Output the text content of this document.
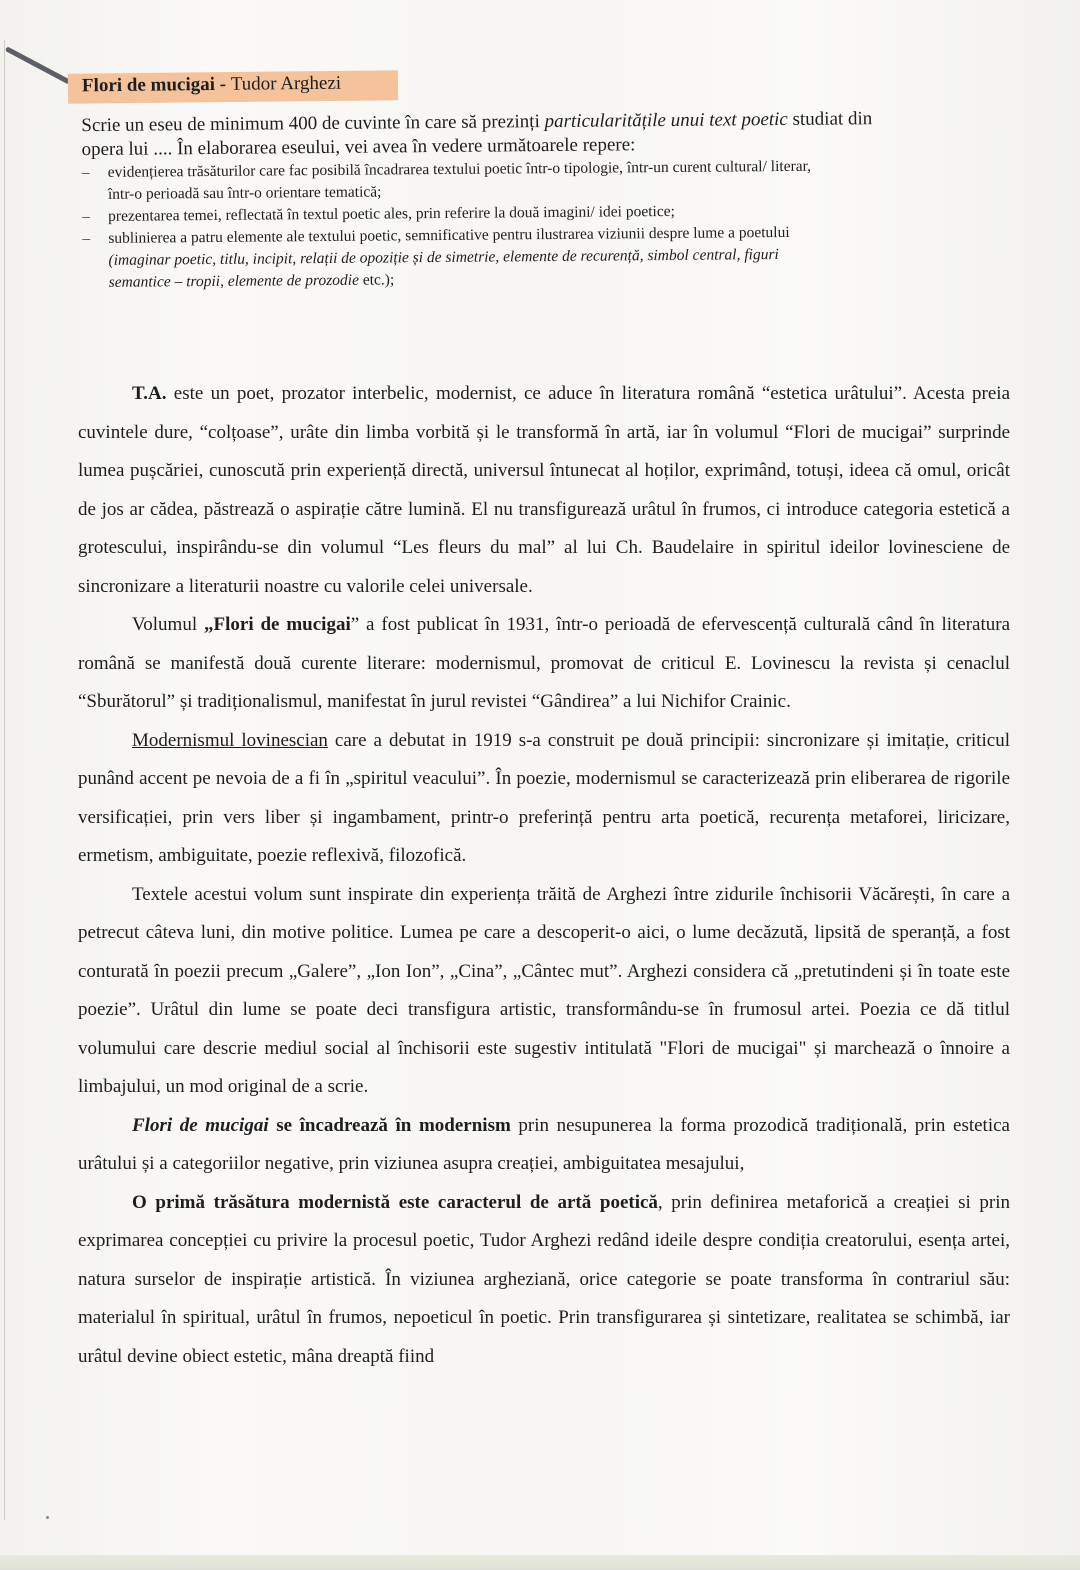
Flori de mucigai - Tudor Arghezi
Scrie un eseu de minimum 400 de cuvinte în care să prezinți particularitățile unui text poetic studiat din
opera lui .... În elaborarea eseului, vei avea în vedere următoarele repere:
– evidențierea trăsăturilor care fac posibilă încadrarea textului poetic într-o tipologie, într-un curent cultural/ literar,
într-o perioadă sau într-o orientare tematică;
– prezentarea temei, reflectată în textul poetic ales, prin referire la două imagini/ idei poetice;
– sublinierea a patru elemente ale textului poetic, semnificative pentru ilustrarea viziunii despre lume a poetului
(imaginar poetic, titlu, incipit, relații de opoziție și de simetrie, elemente de recurență, simbol central, figuri
semantice – tropii, elemente de prozodie etc.);

T.A. este un poet, prozator interbelic, modernist, ce aduce în literatura română “estetica urâtului”. Acesta preia cuvintele dure, “colțoase”, urâte din limba vorbită și le transformă în artă, iar în volumul “Flori de mucigai” surprinde lumea pușcăriei, cunoscută prin experiență directă, universul întunecat al hoților, exprimând, totuși, ideea că omul, oricât de jos ar cădea, păstrează o aspirație către lumină. El nu transfigurează urâtul în frumos, ci introduce categoria estetică a grotescului, inspirându-se din volumul “Les fleurs du mal” al lui Ch. Baudelaire in spiritul ideilor lovinesciene de sincronizare a literaturii noastre cu valorile celei universale.

Volumul „Flori de mucigai” a fost publicat în 1931, într-o perioadă de efervescență culturală când în literatura română se manifestă două curente literare: modernismul, promovat de criticul E. Lovinescu la revista și cenaclul “Sburătorul” și tradiționalismul, manifestat în jurul revistei “Gândirea” a lui Nichifor Crainic.

Modernismul lovinescian care a debutat in 1919 s-a construit pe două principii: sincronizare și imitație, criticul punând accent pe nevoia de a fi în „spiritul veacului”. În poezie, modernismul se caracterizează prin eliberarea de rigorile versificației, prin vers liber și ingambament, printr-o preferință pentru arta poetică, recurența metaforei, liricizare, ermetism, ambiguitate, poezie reflexivă, filozofică.

Textele acestui volum sunt inspirate din experiența trăită de Arghezi între zidurile închisorii Văcărești, în care a petrecut câteva luni, din motive politice. Lumea pe care a descoperit-o aici, o lume decăzută, lipsită de speranță, a fost conturată în poezii precum „Galere”, „Ion Ion”, „Cina”, „Cântec mut”. Arghezi considera că „pretutindeni și în toate este poezie”. Urâtul din lume se poate deci transfigura artistic, transformându-se în frumosul artei. Poezia ce dă titlul volumului care descrie mediul social al închisorii este sugestiv intitulată "Flori de mucigai" și marchează o înnoire a limbajului, un mod original de a scrie.

Flori de mucigai se încadrează în modernism prin nesupunerea la forma prozodică tradițională, prin estetica urâtului și a categoriilor negative, prin viziunea asupra creației, ambiguitatea mesajului,

O primă trăsătura modernistă este caracterul de artă poetică, prin definirea metaforică a creației si prin exprimarea concepției cu privire la procesul poetic, Tudor Arghezi redând ideile despre condiția creatorului, esența artei, natura surselor de inspirație artistică. În viziunea argheziană, orice categorie se poate transforma în contrariul său: materialul în spiritual, urâtul în frumos, nepoeticul în poetic. Prin transfigurarea și sintetizare, realitatea se schimbă, iar urâtul devine obiect estetic, mâna dreaptă fiind
